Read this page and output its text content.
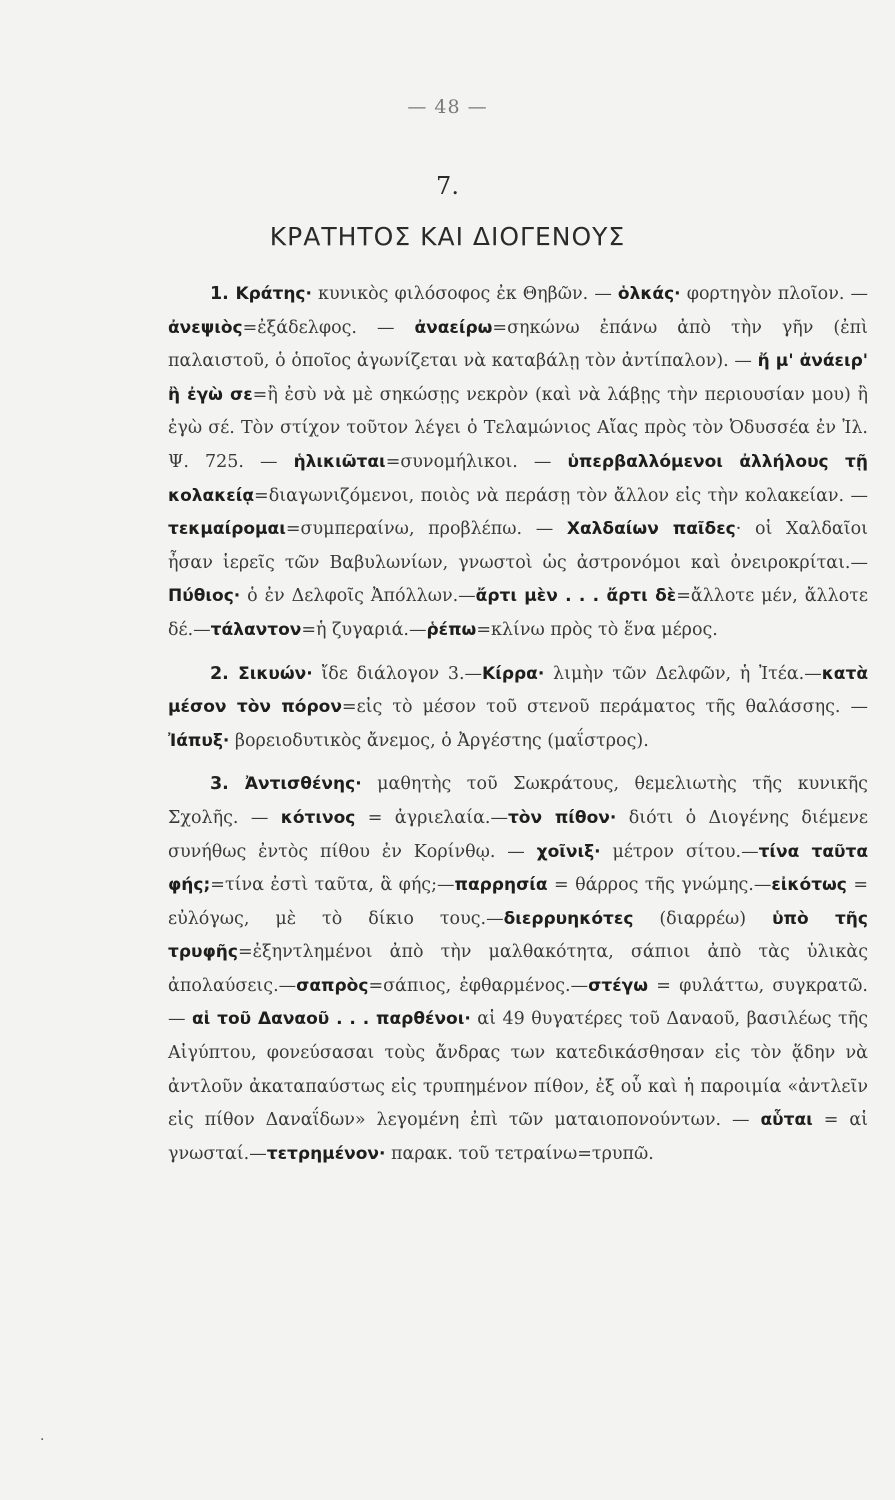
— 48 —
7.
ΚΡΑΤΗΤΟΣ ΚΑΙ ΔΙΟΓΕΝΟΥΣ

1. Κράτης· κυνικὸς φιλόσοφος ἐκ Θηβῶν. — ὁλκάς· φορτηγὸν πλοῖον. — ἀνεψιὸς=ἐξάδελφος. — ἀναείρω=σηκώνω ἐπάνω ἀπὸ τὴν γῆν (ἐπὶ παλαιστοῦ, ὁ ὁποῖος ἀγωνίζεται νὰ καταβάλῃ τὸν ἀντίπαλον). — ἤ μ' ἀνάειρ' ἢ ἐγὼ σε=ἢ ἐσὺ νὰ μὲ σηκώσῃς νεκρὸν (καὶ νὰ λάβῃς τὴν περιουσίαν μου) ἢ ἐγὼ σέ. Τὸν στίχον τοῦτον λέγει ὁ Τελαμώνιος Αἴας πρὸς τὸν Ὀδυσσέα ἐν Ἰλ. Ψ. 725. — ἡλικιῶται=συνομήλικοι. — ὑπερβαλλόμενοι ἀλλήλους τῇ κολακείᾳ=διαγωνιζόμενοι, ποιὸς νὰ περάσῃ τὸν ἄλλον εἰς τὴν κολακείαν. — τεκμαίρομαι=συμπεραίνω, προβλέπω. — Χαλδαίων παῖδες· οἱ Χαλδαῖοι ἦσαν ἱερεῖς τῶν Βαβυλωνίων, γνωστοὶ ὡς ἀστρονόμοι καὶ ὀνειροκρίται.—Πύθιος· ὁ ἐν Δελφοῖς Ἀπόλλων.—ἄρτι μὲν . . . ἄρτι δὲ=ἄλλοτε μέν, ἄλλοτε δέ.—τάλαντον=ἡ ζυγαριά.—ῥέπω=κλίνω πρὸς τὸ ἕνα μέρος.

2. Σικυών· ἴδε διάλογον 3.—Κίρρα· λιμὴν τῶν Δελφῶν, ἡ Ἰτέα.—κατὰ μέσον τὸν πόρον=εἰς τὸ μέσον τοῦ στενοῦ περάματος τῆς θαλάσσης. — Ἰάπυξ· βορειοδυτικὸς ἄνεμος, ὁ Ἀργέστης (μαΐστρος).

3. Ἀντισθένης· μαθητὴς τοῦ Σωκράτους, θεμελιωτὴς τῆς κυνικῆς Σχολῆς. — κότινος = ἀγριελαία.—τὸν πίθον· διότι ὁ Διογένης διέμενε συνήθως ἐντὸς πίθου ἐν Κορίνθῳ. — χοῖνιξ· μέτρον σίτου.—τίνα ταῦτα φής;=τίνα ἐστὶ ταῦτα, ἃ φής;—παρρησία = θάρρος τῆς γνώμης.—εἰκότως = εὐλόγως, μὲ τὸ δίκιο τους.—διερρυηκότες (διαρρέω) ὑπὸ τῆς τρυφῆς=ἐξηντλημένοι ἀπὸ τὴν μαλθακότητα, σάπιοι ἀπὸ τὰς ὑλικὰς ἀπολαύσεις.—σαπρὸς=σάπιος, ἐφθαρμένος.—στέγω = φυλάττω, συγκρατῶ. — αἱ τοῦ Δαναοῦ . . . παρθένοι· αἱ 49 θυγατέρες τοῦ Δαναοῦ, βασιλέως τῆς Αἰγύπτου, φονεύσασαι τοὺς ἄνδρας των κατεδικάσθησαν εἰς τὸν ᾅδην νὰ ἀντλοῦν ἀκαταπαύστως εἰς τρυπημένον πίθον, ἐξ οὗ καὶ ἡ παροιμία «ἀντλεῖν εἰς πίθον Δαναΐδων» λεγομένη ἐπὶ τῶν ματαιοπονούντων. — αὗται = αἱ γνωσταί.—τετρημένον· παρακ. τοῦ τετραίνω=τρυπῶ.

·
